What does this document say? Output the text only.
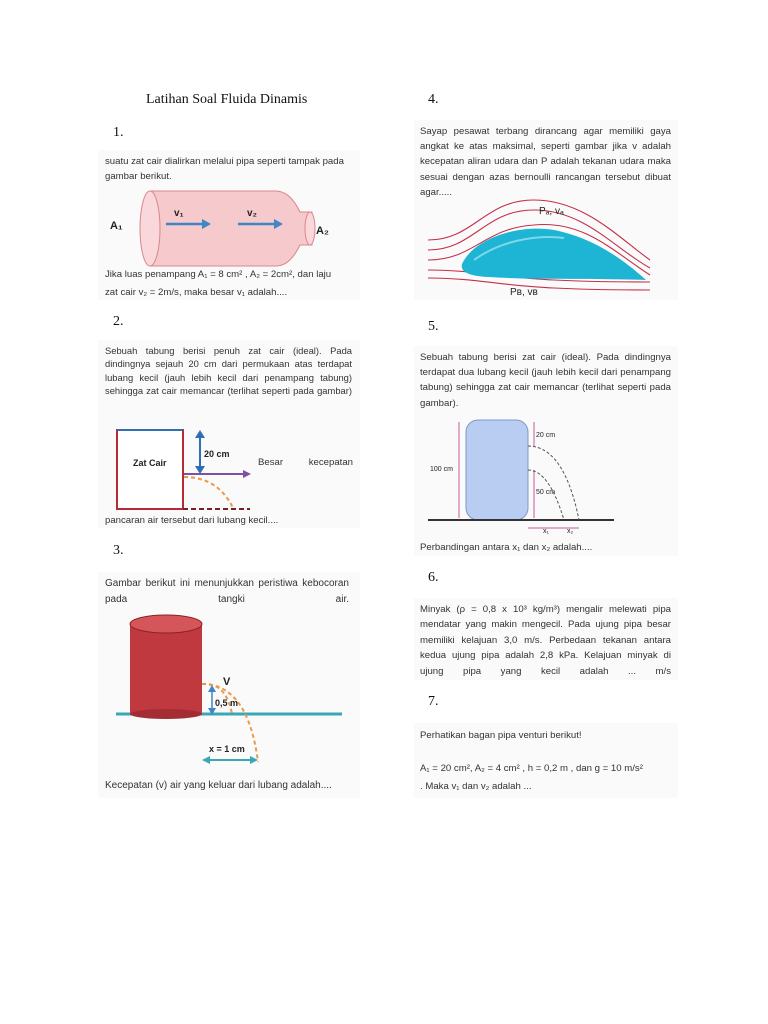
Latihan Soal Fluida Dinamis
1.
2.
3.
4.
5.
6.
7.
suatu zat cair dialirkan melalui pipa seperti tampak pada gambar berikut.
A₁	A₂
v₁	v₂
Jika luas penampang A₁ = 8 cm² , A₂ = 2cm², dan laju
zat cair v₂ = 2m/s, maka besar v₁ adalah....
Sebuah tabung berisi penuh zat cair (ideal). Pada dindingnya sejauh 20 cm dari permukaan atas terdapat lubang kecil (jauh lebih kecil dari penampang tabung) sehingga zat cair memancar (terlihat seperti pada gambar)
Zat Cair
20 cm
Besar kecepatan
pancaran air tersebut dari lubang kecil....
Gambar berikut ini menunjukkan peristiwa kebocoran pada tangki air.
V
0,5 m
x = 1 cm
Kecepatan (v) air yang keluar dari lubang adalah....
Sayap pesawat terbang dirancang agar memiliki gaya angkat ke atas maksimal, seperti gambar jika v adalah kecepatan aliran udara dan P adalah tekanan udara maka sesuai dengan azas bernoulli rancangan tersebut dibuat agar.....
Pₐ, vₐ
Pʙ, vʙ
Sebuah tabung berisi zat cair (ideal). Pada dindingnya terdapat dua lubang kecil (jauh lebih kecil dari penampang tabung) sehingga zat cair memancar (terlihat seperti pada gambar).
20 cm
100 cm
50 cm
x₁	x₂
Perbandingan antara x₁ dan x₂ adalah....
Minyak (ρ = 0,8 x 10³ kg/m³) mengalir melewati pipa mendatar yang makin mengecil. Pada ujung pipa besar memiliki kelajuan 3,0 m/s. Perbedaan tekanan antara kedua ujung pipa adalah 2,8 kPa. Kelajuan minyak di ujung pipa yang kecil adalah ... m/s
Perhatikan bagan pipa venturi berikut!
A₁ = 20 cm², A₂ = 4 cm² , h = 0,2 m , dan g = 10 m/s²
. Maka v₁ dan v₂ adalah ...
